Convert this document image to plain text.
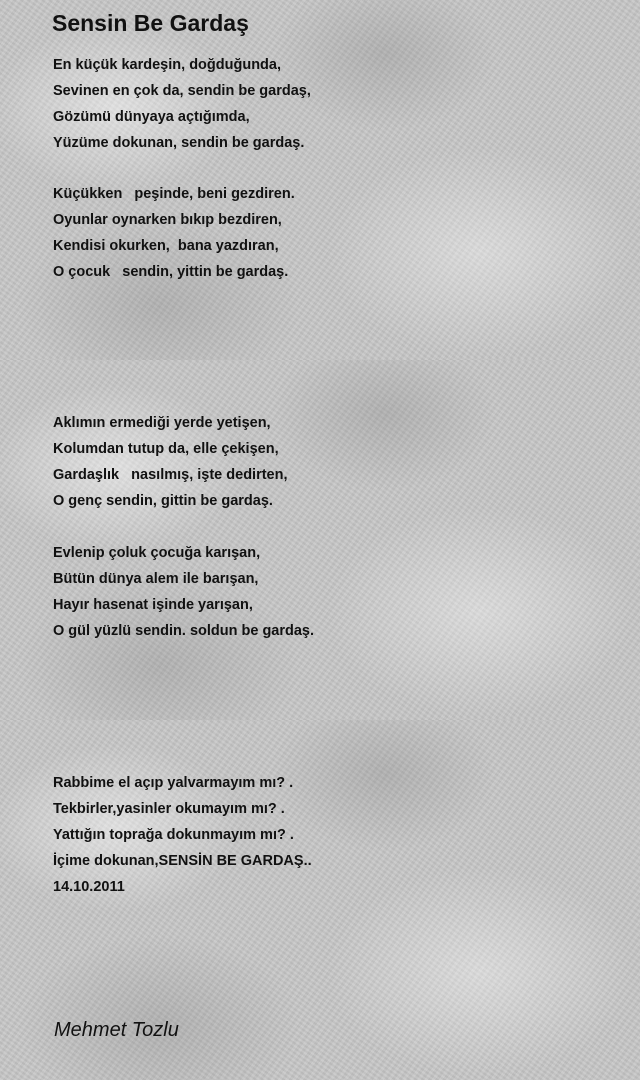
Sensin Be Gardaş

En küçük kardeşin, doğduğunda,
Sevinen en çok da, sendin be gardaş,
Gözümü dünyaya açtığımda,
Yüzüme dokunan, sendin be gardaş.

Küçükken   peşinde, beni gezdiren.
Oyunlar oynarken bıkıp bezdiren,
Kendisi okurken,  bana yazdıran,
O çocuk   sendin, yittin be gardaş.

Aklımın ermediği yerde yetişen,
Kolumdan tutup da, elle çekişen,
Gardaşlık   nasılmış, işte dedirten,
O genç sendin, gittin be gardaş.

Evlenip çoluk çocuğa karışan,
Bütün dünya alem ile barışan,
Hayır hasenat işinde yarışan,
O gül yüzlü sendin. soldun be gardaş.

Rabbime el açıp yalvarmayım mı? .
Tekbirler,yasinler okumayım mı? .
Yattığın toprağa dokunmayım mı? .
İçime dokunan,SENSİN BE GARDAŞ..
14.10.2011

Mehmet Tozlu
